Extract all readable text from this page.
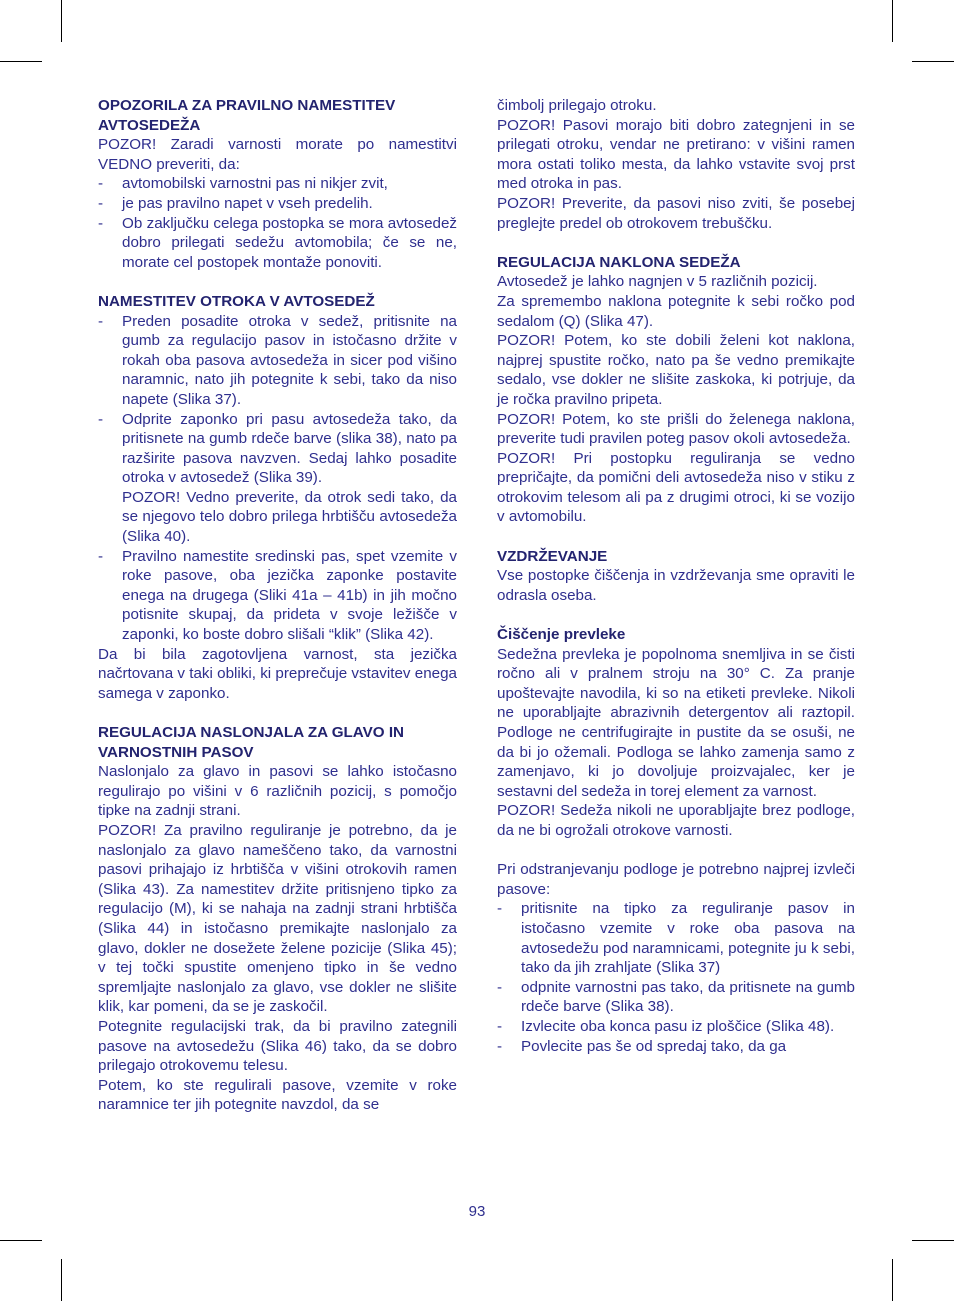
OPOZORILA ZA PRAVILNO NAMESTITEV AVTOSEDEŽA

POZOR! Zaradi varnosti morate po namestitvi VEDNO preveriti, da:

- avtomobilski varnostni pas ni nikjer zvit,
- je pas pravilno napet v vseh predelih.
- Ob zaključku celega postopka se mora avtosedež dobro prilegati sedežu avtomobila; če se ne, morate cel postopek montaže ponoviti.
NAMESTITEV OTROKA V AVTOSEDEŽ
- Preden posadite otroka v sedež, pritisnite na gumb za regulacijo pasov in istočasno držite v rokah oba pasova avtosedeža in sicer pod višino naramnic, nato jih potegnite k sebi, tako da niso napete (Slika 37).
- Odprite zaponko pri pasu avtosedeža tako, da pritisnete na gumb rdeče barve (slika 38), nato pa razširite pasova navzven. Sedaj lahko posadite otroka v avtosedež (Slika 39).
POZOR! Vedno preverite, da otrok sedi tako, da se njegovo telo dobro prilega hrbtišču avtosedeža (Slika 40).
- Pravilno namestite sredinski pas, spet vzemite v roke pasove, oba jezička zaponke postavite enega na drugega (Sliki 41a – 41b) in jih močno potisnite skupaj, da prideta v svoje ležišče v zaponki, ko boste dobro slišali “klik” (Slika 42).

Da bi bila zagotovljena varnost, sta jezička načrtovana v taki obliki, ki preprečuje vstavitev enega samega v zaponko.

REGULACIJA NASLONJALA ZA GLAVO IN VARNOSTNIH PASOV

Naslonjalo za glavo in pasovi se lahko istočasno regulirajo po višini v 6 različnih pozicij, s pomočjo tipke na zadnji strani.

POZOR! Za pravilno reguliranje je potrebno, da je naslonjalo za glavo nameščeno tako, da varnostni pasovi prihajajo iz hrbtišča v višini otrokovih ramen (Slika 43). Za namestitev držite pritisnjeno tipko za regulacijo (M), ki se nahaja na zadnji strani hrbtišča (Slika 44) in istočasno premikajte naslonjalo za glavo, dokler ne dosežete želene pozicije (Slika 45); v tej točki spustite omenjeno tipko in še vedno spremljajte naslonjalo za glavo, vse dokler ne slišite klik, kar pomeni, da se je zaskočil.

Potegnite regulacijski trak, da bi pravilno zategnili pasove na avtosedežu (Slika 46) tako, da se dobro prilegajo otrokovemu telesu.

Potem, ko ste regulirali pasove, vzemite v roke naramnice ter jih potegnite navzdol, da se

čimbolj prilegajo otroku.

POZOR! Pasovi morajo biti dobro zategnjeni in se prilegati otroku, vendar ne pretirano: v višini ramen mora ostati toliko mesta, da lahko vstavite svoj prst med otroka in pas.

POZOR! Preverite, da pasovi niso zviti, še posebej preglejte predel ob otrokovem trebuščku.

REGULACIJA NAKLONA SEDEŽA

Avtosedež je lahko nagnjen v 5 različnih pozicij.

Za spremembo naklona potegnite k sebi ročko pod sedalom (Q) (Slika 47).

POZOR! Potem, ko ste dobili želeni kot naklona, najprej spustite ročko, nato pa še vedno premikajte sedalo, vse dokler ne slišite zaskoka, ki potrjuje, da je ročka pravilno pripeta.

POZOR! Potem, ko ste prišli do želenega naklona, preverite tudi pravilen poteg pasov okoli avtosedeža.

POZOR! Pri postopku reguliranja se vedno prepričajte, da pomični deli avtosedeža niso v stiku z otrokovim telesom ali pa z drugimi otroci, ki se vozijo v avtomobilu.

VZDRŽEVANJE

Vse postopke čiščenja in vzdrževanja sme opraviti le odrasla oseba.

Čiščenje prevleke

Sedežna prevleka je popolnoma snemljiva in se čisti ročno ali v pralnem stroju na 30° C. Za pranje upoštevajte navodila, ki so na etiketi prevleke. Nikoli ne uporabljajte abrazivnih detergentov ali raztopil. Podloge ne centrifugirajte in pustite da se osuši, ne da bi jo ožemali. Podloga se lahko zamenja samo z zamenjavo, ki jo dovoljuje proizvajalec, ker je sestavni del sedeža in torej element za varnost.

POZOR! Sedeža nikoli ne uporabljajte brez podloge, da ne bi ogrožali otrokove varnosti.

Pri odstranjevanju podloge je potrebno najprej izvleči pasove:

- pritisnite na tipko za reguliranje pasov in istočasno vzemite v roke oba pasova na avtosedežu pod naramnicami, potegnite ju k sebi, tako da jih zrahljate (Slika 37)
- odpnite varnostni pas tako, da pritisnete na gumb rdeče barve (Slika 38).
- Izvlecite oba konca pasu iz ploščice (Slika 48).
- Povlecite pas še od spredaj tako, da ga
93
